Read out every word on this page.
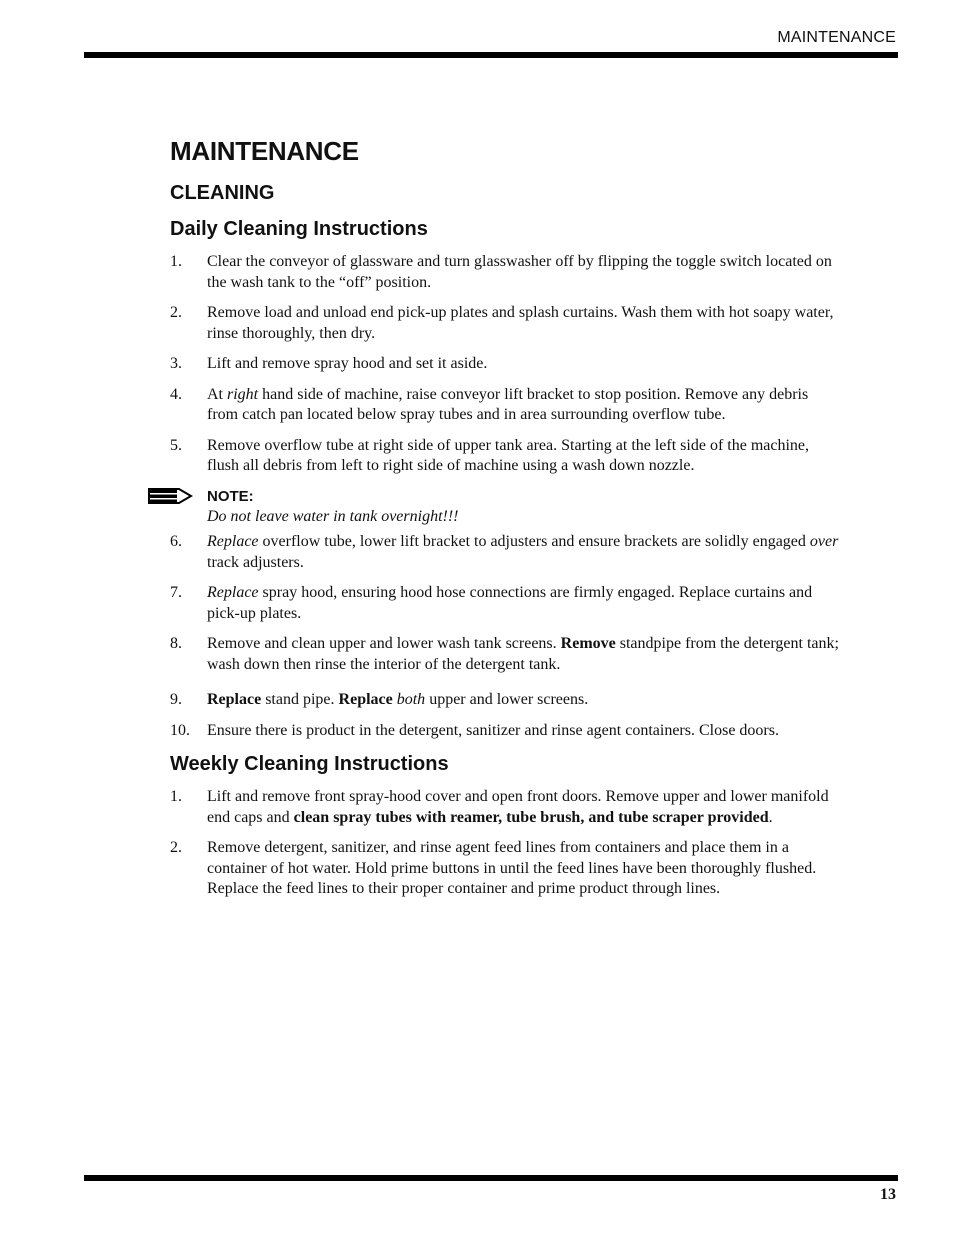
MAINTENANCE
MAINTENANCE
CLEANING
Daily Cleaning Instructions
1. Clear the conveyor of glassware and turn glasswasher off by flipping the toggle switch located on the wash tank to the “off” position.
2. Remove load and unload end pick-up plates and splash curtains. Wash them with hot soapy water, rinse thoroughly, then dry.
3. Lift and remove spray hood and set it aside.
4. At right hand side of machine, raise conveyor lift bracket to stop position. Remove any debris from catch pan located below spray tubes and in area surrounding overflow tube.
5. Remove overflow tube at right side of upper tank area. Starting at the left side of the machine, flush all debris from left to right side of machine using a wash down nozzle.
NOTE:
Do not leave water in tank overnight!!!
6. Replace overflow tube, lower lift bracket to adjusters and ensure brackets are solidly engaged over track adjusters.
7. Replace spray hood, ensuring hood hose connections are firmly engaged. Replace curtains and pick-up plates.
8. Remove and clean upper and lower wash tank screens. Remove standpipe from the detergent tank; wash down then rinse the interior of the detergent tank.
9. Replace stand pipe. Replace both upper and lower screens.
10. Ensure there is product in the detergent, sanitizer and rinse agent containers. Close doors.
Weekly Cleaning Instructions
1. Lift and remove front spray-hood cover and open front doors. Remove upper and lower manifold end caps and clean spray tubes with reamer, tube brush, and tube scraper provided.
2. Remove detergent, sanitizer, and rinse agent feed lines from containers and place them in a container of hot water. Hold prime buttons in until the feed lines have been thoroughly flushed. Replace the feed lines to their proper container and prime product through lines.
13
